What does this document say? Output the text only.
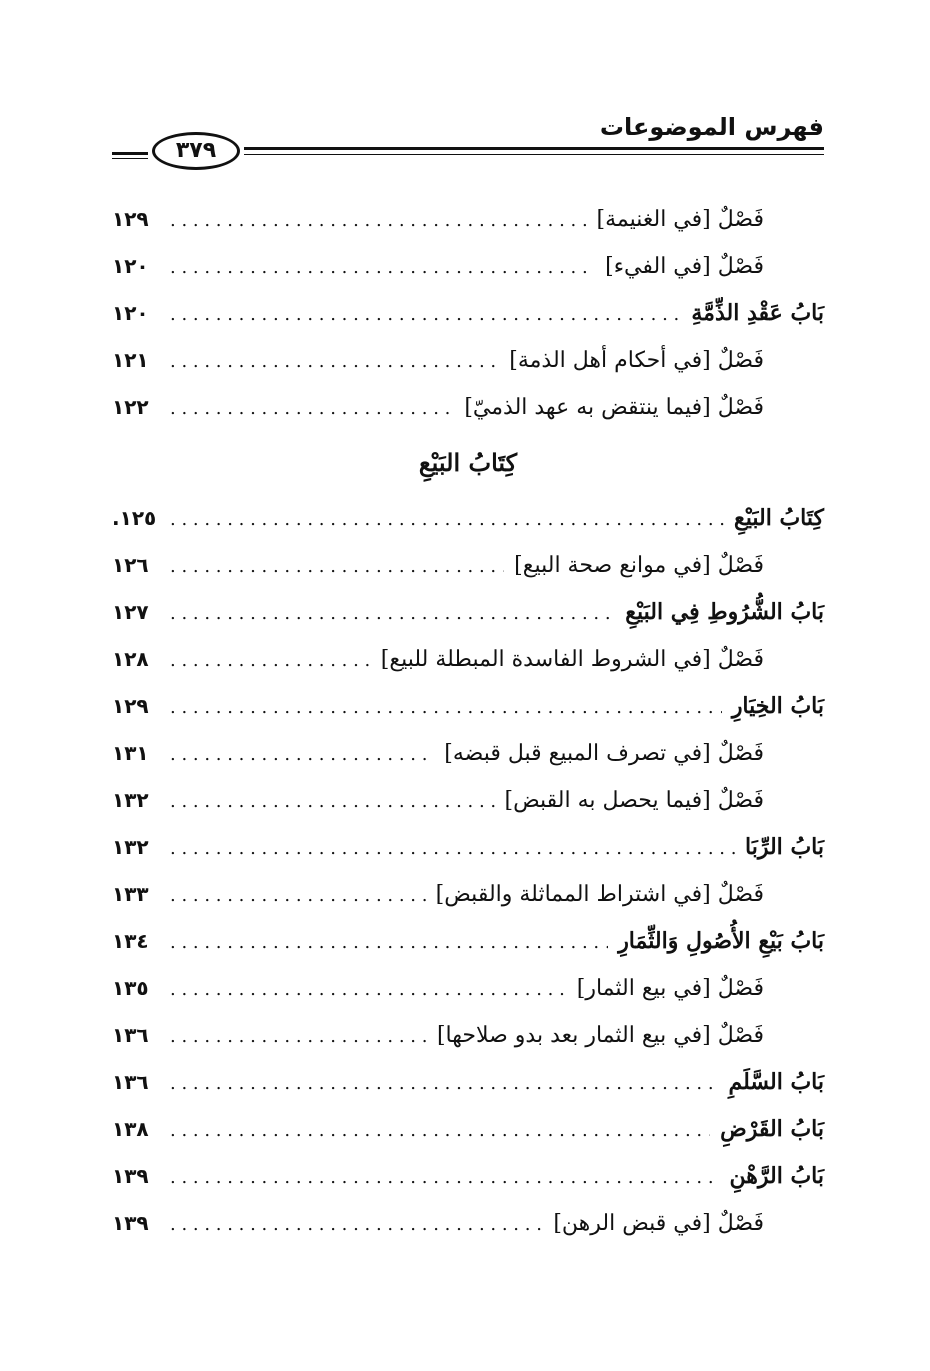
فهرس الموضوعات
٣٧٩
فَصْلٌ [في الغنيمة]
. . .
١٢٩
فَصْلٌ [في الفيء]
. . .
١٢٠
بَابُ عَقْدِ الذِّمَّةِ
. . .
١٢٠
فَصْلٌ [في أحكام أهل الذمة]
. . .
١٢١
فَصْلٌ [فيما ينتقض به عهد الذميّ]
. . .
١٢٢
كِتَابُ البَيْعِ
كِتَابُ البَيْعِ
. . .
١٢٥.
فَصْلٌ [في موانع صحة البيع]
. . .
١٢٦
بَابُ الشُّرُوطِ فِي البَيْعِ
. . .
١٢٧
فَصْلٌ [في الشروط الفاسدة المبطلة للبيع]
. . .
١٢٨
بَابُ الخِيَارِ
. . .
١٢٩
فَصْلٌ [في تصرف المبيع قبل قبضه]
. . .
١٣١
فَصْلٌ [فيما يحصل به القبض]
. . .
١٣٢
بَابُ الرِّبَا
. . .
١٣٢
فَصْلٌ [في اشتراط المماثلة والقبض]
. . .
١٣٣
بَابُ بَيْعِ الأُصُولِ وَالثِّمَارِ
. . .
١٣٤
فَصْلٌ [في بيع الثمار]
. . .
١٣٥
فَصْلٌ [في بيع الثمار بعد بدو صلاحها]
. . .
١٣٦
بَابُ السَّلَمِ
. . .
١٣٦
بَابُ القَرْضِ
. . .
١٣٨
بَابُ الرَّهْنِ
. . .
١٣٩
فَصْلٌ [في قبض الرهن]
. . .
١٣٩
